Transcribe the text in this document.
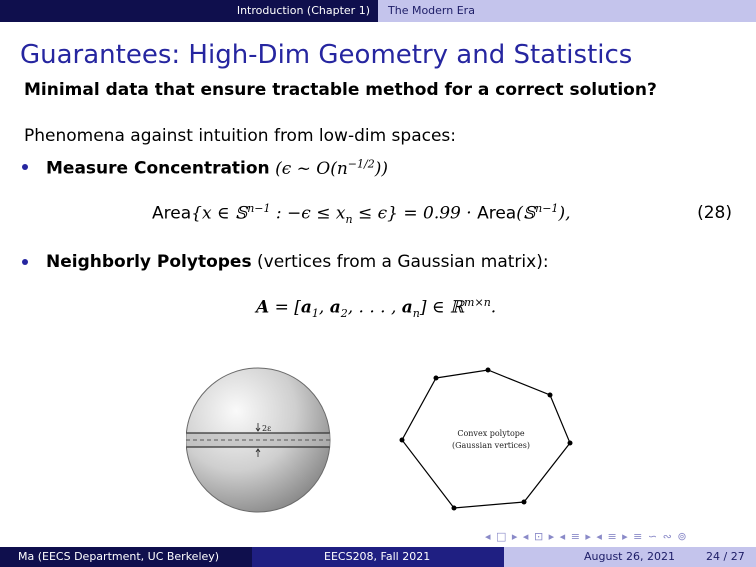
Introduction (Chapter 1) The Modern Era
Guarantees: High-Dim Geometry and Statistics
Minimal data that ensure tractable method for a correct solution?
Phenomena against intuition from low-dim spaces:
Measure Concentration (ϵ ~ $O(n^{-1/2})$)
Area{x ∈ 𝕊$^{n-1}$ : $-\epsilon \le x_n \le \epsilon\} = 0.99$ · Area(𝕊$^{n-1}$),	(28)
Neighborly Polytopes (vertices from a Gaussian matrix):
$A = [a_1$, $a_2$, . . . , $a_n$] ∈ ℝ$^{m\times n}$.
2ε
Convex polytope
(Gaussian vertices)
◂ □ ▸ ◂ ⊡ ▸ ◂ ≡ ▸ ◂ ≡ ▸ ≡ ∽ ∾ ⊚
Ma (EECS Department, UC Berkeley)	EECS208, Fall 2021	August 26, 2021	24 / 27
